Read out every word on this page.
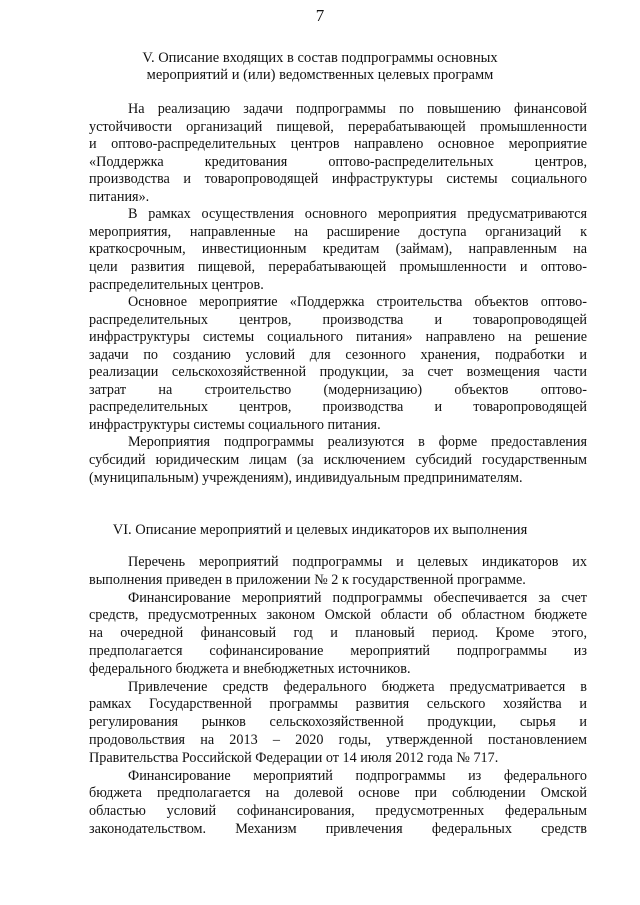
7
V. Описание входящих в состав подпрограммы основных
мероприятий и (или) ведомственных целевых программ
На реализацию задачи подпрограммы по повышению финансовой
устойчивости организаций пищевой, перерабатывающей промышленности
и оптово-распределительных центров направлено основное мероприятие
«Поддержка кредитования оптово-распределительных центров,
производства и товаропроводящей инфраструктуры системы социального
питания».
В рамках осуществления основного мероприятия предусматриваются
мероприятия, направленные на расширение доступа организаций к
краткосрочным, инвестиционным кредитам (займам), направленным на
цели развития пищевой, перерабатывающей промышленности и оптово-
распределительных центров.
Основное мероприятие «Поддержка строительства объектов оптово-
распределительных центров, производства и товаропроводящей
инфраструктуры системы социального питания» направлено на решение
задачи по созданию условий для сезонного хранения, подработки и
реализации сельскохозяйственной продукции, за счет возмещения части
затрат на строительство (модернизацию) объектов оптово-
распределительных центров, производства и товаропроводящей
инфраструктуры системы социального питания.
Мероприятия подпрограммы реализуются в форме предоставления
субсидий юридическим лицам (за исключением субсидий государственным
(муниципальным) учреждениям), индивидуальным предпринимателям.
VI. Описание мероприятий и целевых индикаторов их выполнения
Перечень мероприятий подпрограммы и целевых индикаторов их
выполнения приведен в приложении № 2 к государственной программе.
Финансирование мероприятий подпрограммы обеспечивается за счет
средств, предусмотренных законом Омской области об областном бюджете
на очередной финансовый год и плановый период. Кроме этого,
предполагается софинансирование мероприятий подпрограммы из
федерального бюджета и внебюджетных источников.
Привлечение средств федерального бюджета предусматривается в
рамках Государственной программы развития сельского хозяйства и
регулирования рынков сельскохозяйственной продукции, сырья и
продовольствия на 2013 – 2020 годы, утвержденной постановлением
Правительства Российской Федерации от 14 июля 2012 года № 717.
Финансирование мероприятий подпрограммы из федерального
бюджета предполагается на долевой основе при соблюдении Омской
областью условий софинансирования, предусмотренных федеральным
законодательством. Механизм привлечения федеральных средств
